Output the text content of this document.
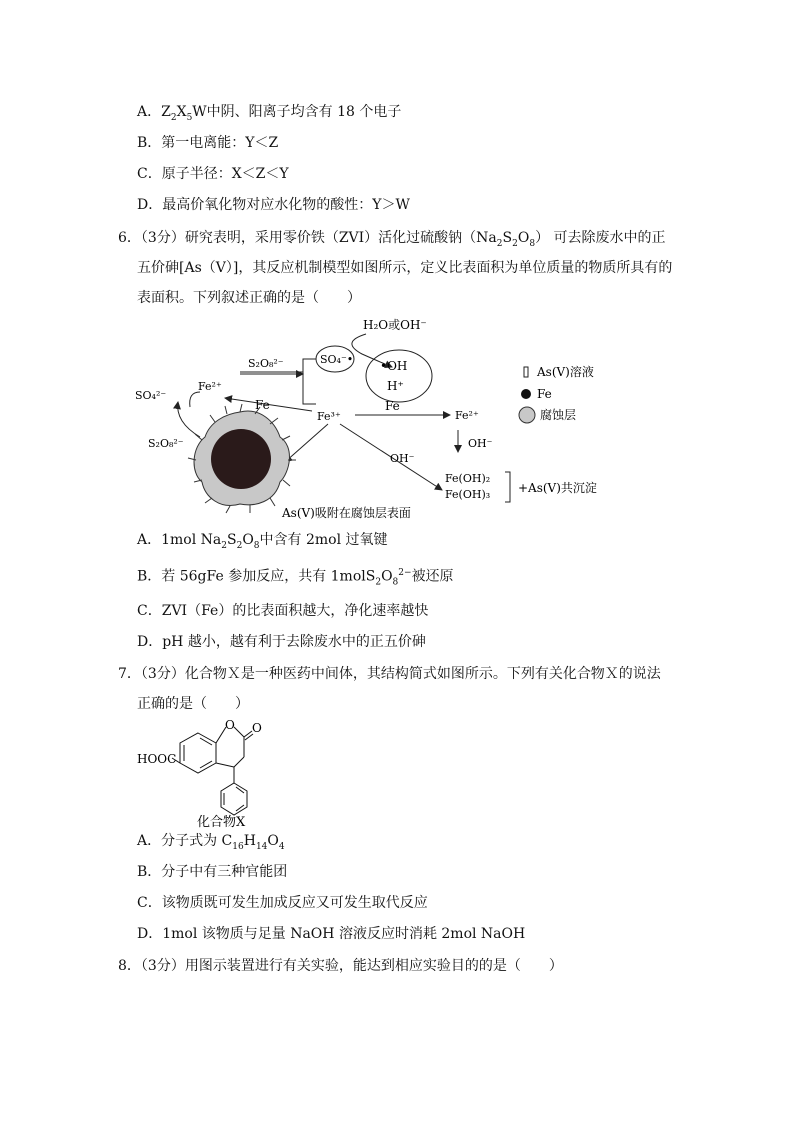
A．$Z_2X_5W$中阴、阳离子均含有 18 个电子
B．第一电离能：Y＜Z
C．原子半径：X＜Z＜Y
D．最高价氧化物对应水化物的酸性：Y＞W
6．（3分）研究表明，采用零价铁（ZVI）活化过硫酸钠$(Na_2S_2O_8)$ 可去除废水中的正
五价砷[As（Ⅴ）]，其反应机制模型如图所示，定义比表面积为单位质量的物质所具有的
表面积。下列叙述正确的是（　　）
H₂O或OH⁻
SO₄⁻• •OH
H⁺
S₂O₈²⁻
Fe²⁺
Fe
SO₄²⁻
S₂O₈²⁻
Fe³⁺
Fe
Fe²⁺
OH⁻
OH⁻
Fe(OH)₂
Fe(OH)₃ +As(V)共沉淀
As(V)吸附在腐蚀层表面
As(V)溶液
Fe
腐蚀层
A．1mol $Na_2S_2O_8$中含有 2mol 过氧键
B．若 56gFe 参加反应，共有 $1molS_2O_8^{2-}$被还原
C．ZVI（Fe）的比表面积越大，净化速率越快
D．pH 越小，越有利于去除废水中的正五价砷
7．（3分）化合物Ｘ是一种医药中间体，其结构简式如图所示。下列有关化合物Ｘ的说法
正确的是（　　）
O O
HOOC
化合物X
A．分子式为 $C_{16}H_{14}O_4$
B．分子中有三种官能团
C．该物质既可发生加成反应又可发生取代反应
D．1mol 该物质与足量 NaOH 溶液反应时消耗 2mol NaOH
8．（3分）用图示装置进行有关实验，能达到相应实验目的的是（　　）
